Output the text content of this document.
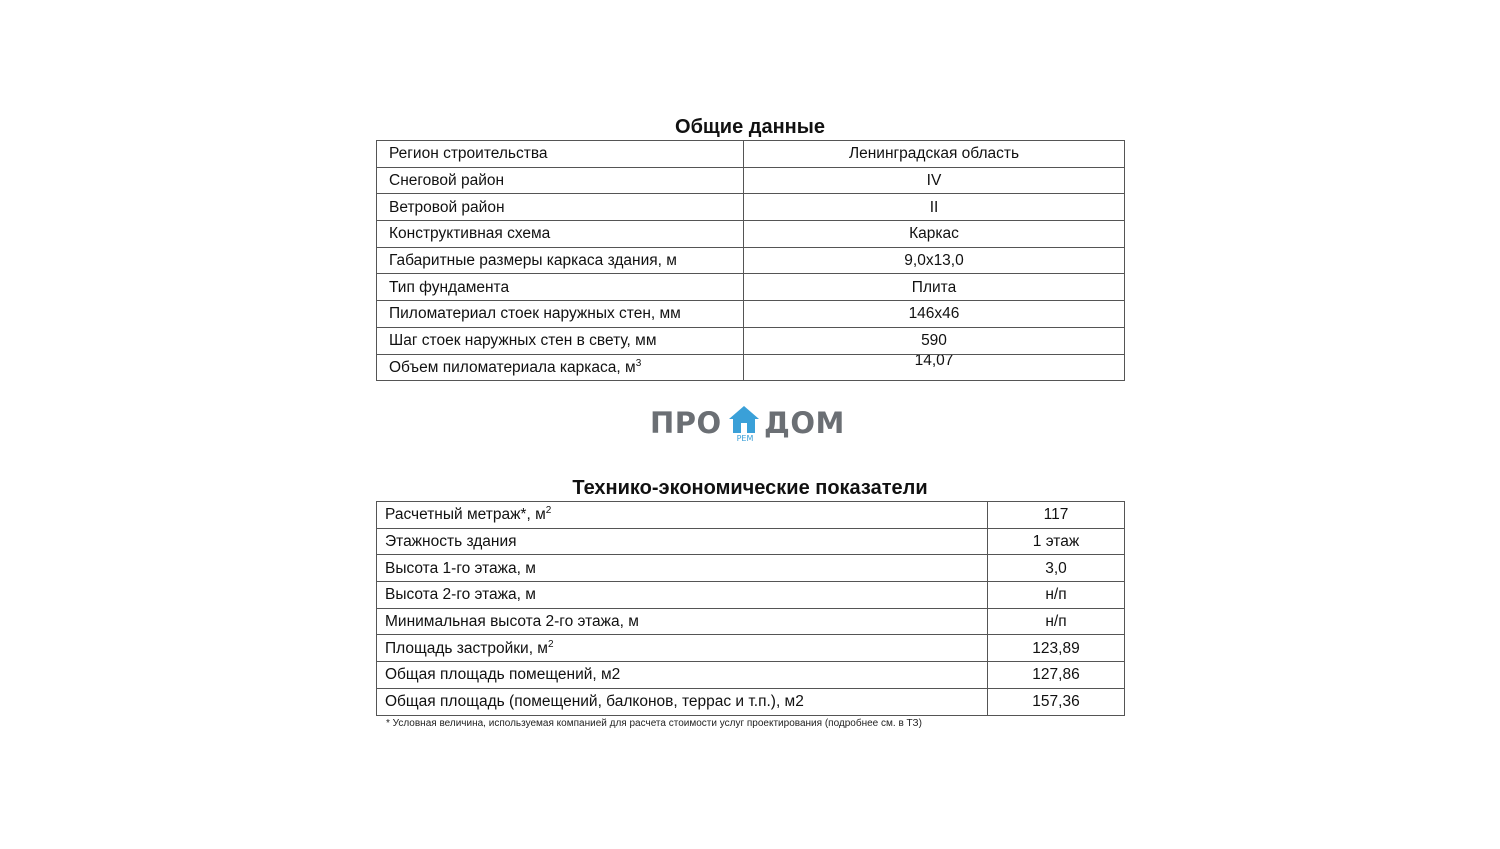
Общие данные
Регион строительства	Ленинградская область
Снеговой район	IV
Ветровой район	II
Конструктивная схема	Каркас
Габаритные размеры каркаса здания, м	9,0х13,0
Тип фундамента	Плита
Пиломатериал стоек наружных стен, мм	146х46
Шаг стоек наружных стен в свету, мм	590
Объем пиломатериала каркаса, $м^3$	14,07
ПРО	РЕМ ДОМ
Технико-экономические показатели
Расчетный метраж*, $м^2$	117
Этажность здания	1 этаж
Высота 1-го этажа, м	3,0
Высота 2-го этажа, м	н/п
Минимальная высота 2-го этажа, м	н/п
Площадь застройки, $м^2$	123,89
Общая площадь помещений, м2	127,86
Общая площадь (помещений, балконов, террас и т.п.), м2	157,36
* Условная величина, используемая компанией для расчета стоимости услуг проектирования (подробнее см. в ТЗ)
